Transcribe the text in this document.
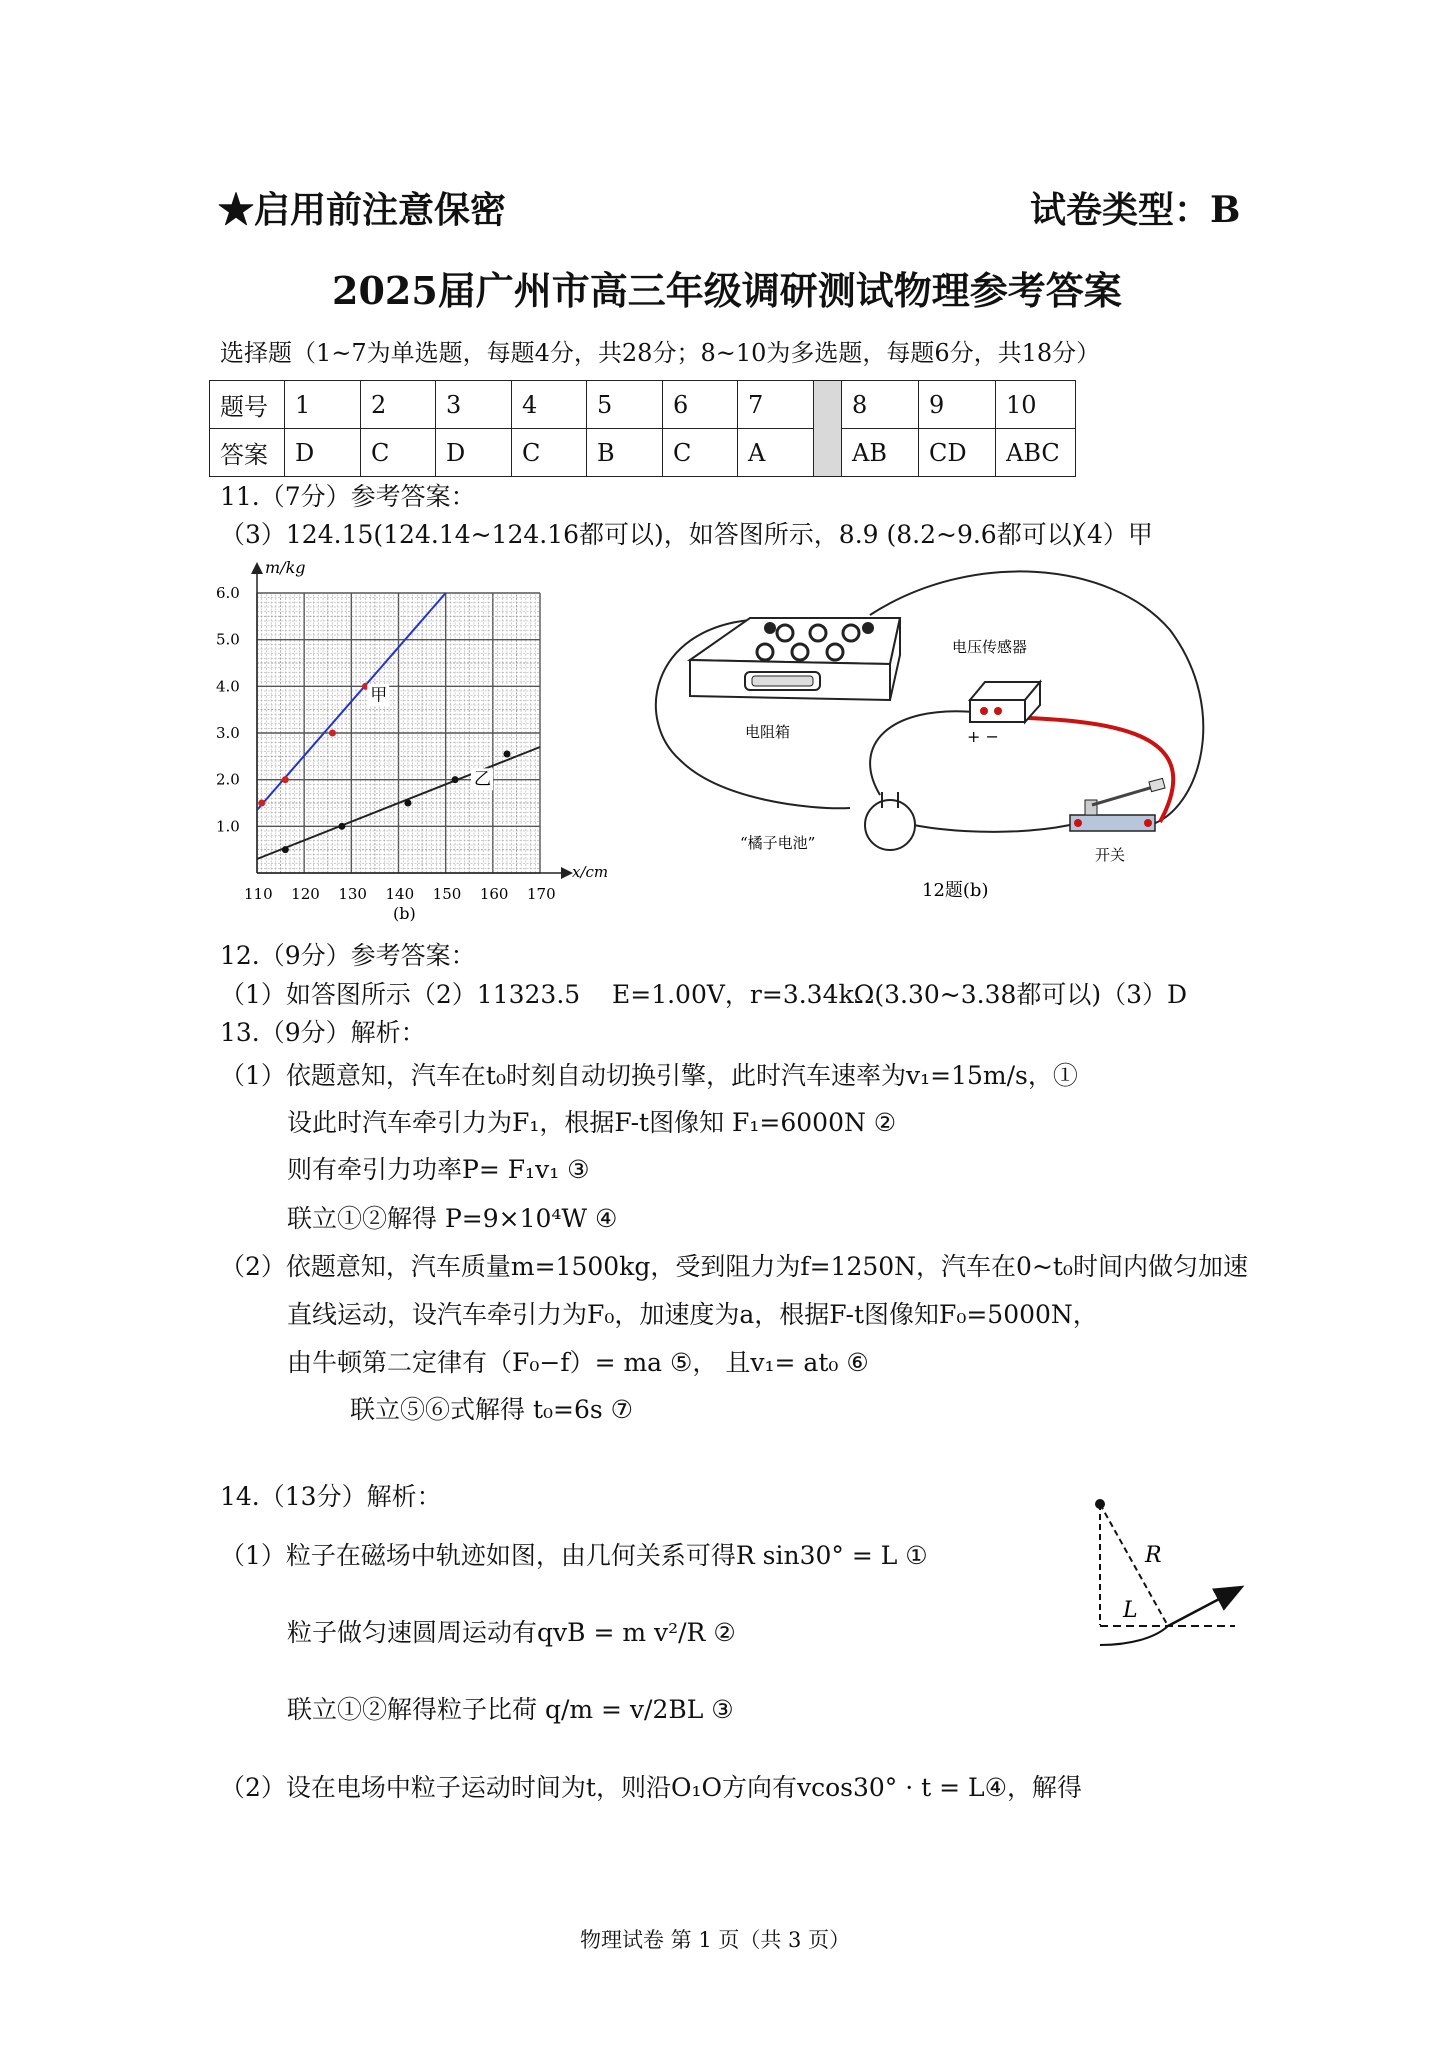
★启用前注意保密	试卷类型：B
2025届广州市高三年级调研测试物理参考答案
选择题（1~7为单选题，每题4分，共28分；8~10为多选题，每题6分，共18分）
题号	1	2	3	4	5	6	7		8	9	10
答案	D	C	D	C	B	C	A		AB	CD	ABC
11.（7分）参考答案：
（3）124.15(124.14~124.16都可以)，如答图所示，8.9 (8.2~9.6都可以)
（4）甲
110 120 130 140 150 160 170
1.0
2.0
3.0
4.0
5.0
6.0
甲
乙
m/kg
x/cm
(b)
电阻箱
电压传感器
+ −
“橘子电池”
开关
12题(b)
12.（9分）参考答案：
（1）如答图所示（2）11323.5 E=1.00V，r=3.34kΩ(3.30~3.38都可以)（3）D
13.（9分）解析：
（1）依题意知，汽车在t₀时刻自动切换引擎，此时汽车速率为v₁=15m/s，①
设此时汽车牵引力为F₁，根据F-t图像知 F₁=6000N ②
则有牵引力功率P= F₁v₁ ③
联立①②解得 P=9×10⁴W ④
（2）依题意知，汽车质量m=1500kg，受到阻力为f=1250N，汽车在0~t₀时间内做匀加速
直线运动，设汽车牵引力为F₀，加速度为a，根据F-t图像知F₀=5000N，
由牛顿第二定律有（F₀−f）= ma ⑤， 且v₁= at₀ ⑥
联立⑤⑥式解得 t₀=6s ⑦
14.（13分）解析：
（1）粒子在磁场中轨迹如图，由几何关系可得R sin30° = L ①
粒子做匀速圆周运动有qvB = m v²/R ②
联立①②解得粒子比荷 q/m = v/2BL ③
（2）设在电场中粒子运动时间为t，则沿O₁O方向有vcos30° · t = L④，解得
R
L
物理试卷 第 1 页（共 3 页）
